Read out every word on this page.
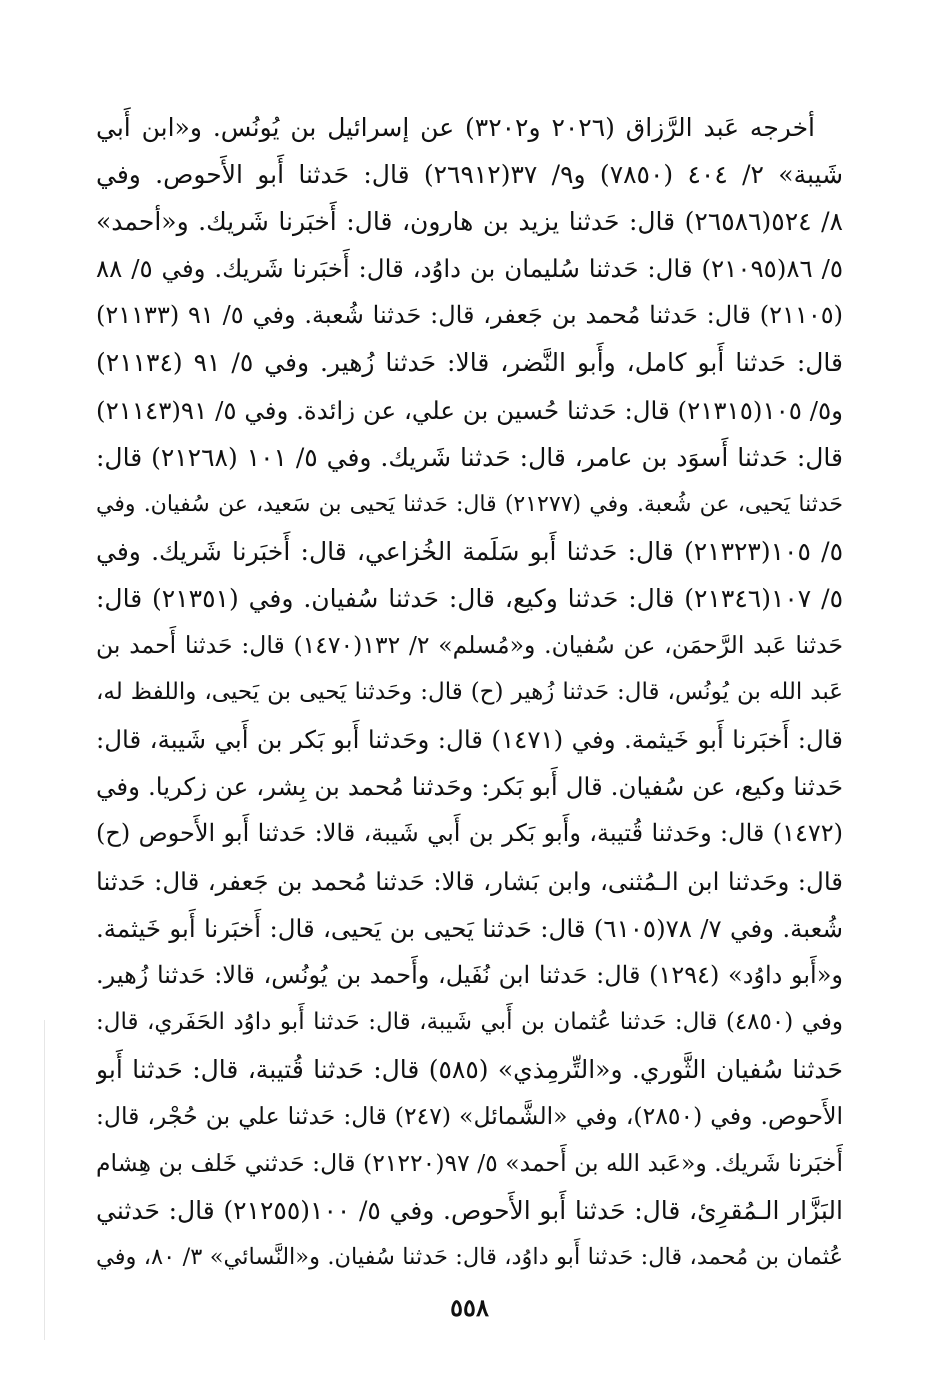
أخرجه عَبد الرَّزاق (٢٠٢٦ و٣٢٠٢) عن إسرائيل بن يُونُس. و«ابن أَبي
شَيبة» ٢/ ٤٠٤ (٧٨٥٠) و٩/ ٣٧(٢٦٩١٢) قال: حَدثنا أَبو الأَحوص. وفي
٨/ ٥٢٤(٢٦٥٨٦) قال: حَدثنا يزيد بن هارون، قال: أَخبَرنا شَريك. و«أحمد»
٥/ ٨٦(٢١٠٩٥) قال: حَدثنا سُليمان بن داوُد، قال: أَخبَرنا شَريك. وفي ٥/ ٨٨
(٢١١٠٥) قال: حَدثنا مُحمد بن جَعفر، قال: حَدثنا شُعبة. وفي ٥/ ٩١ (٢١١٣٣)
قال: حَدثنا أَبو كامل، وأَبو النَّضر، قالا: حَدثنا زُهير. وفي ٥/ ٩١ (٢١١٣٤)
و٥/ ١٠٥(٢١٣١٥) قال: حَدثنا حُسين بن علي، عن زائدة. وفي ٥/ ٩١(٢١١٤٣)
قال: حَدثنا أَسوَد بن عامر، قال: حَدثنا شَريك. وفي ٥/ ١٠١ (٢١٢٦٨) قال:
حَدثنا يَحيى، عن شُعبة. وفي (٢١٢٧٧) قال: حَدثنا يَحيى بن سَعيد، عن سُفيان. وفي
٥/ ١٠٥(٢١٣٢٣) قال: حَدثنا أَبو سَلَمة الخُزاعي، قال: أَخبَرنا شَريك. وفي
٥/ ١٠٧(٢١٣٤٦) قال: حَدثنا وكيع، قال: حَدثنا سُفيان. وفي (٢١٣٥١) قال:
حَدثنا عَبد الرَّحمَن، عن سُفيان. و«مُسلم» ٢/ ١٣٢(١٤٧٠) قال: حَدثنا أَحمد بن
عَبد الله بن يُونُس، قال: حَدثنا زُهير (ح) قال: وحَدثنا يَحيى بن يَحيى، واللفظ له،
قال: أَخبَرنا أَبو خَيثمة. وفي (١٤٧١) قال: وحَدثنا أَبو بَكر بن أَبي شَيبة، قال:
حَدثنا وكيع، عن سُفيان. قال أَبو بَكر: وحَدثنا مُحمد بن بِشر، عن زكريا. وفي
(١٤٧٢) قال: وحَدثنا قُتيبة، وأَبو بَكر بن أَبي شَيبة، قالا: حَدثنا أَبو الأَحوص (ح)
قال: وحَدثنا ابن الـمُثنى، وابن بَشار، قالا: حَدثنا مُحمد بن جَعفر، قال: حَدثنا
شُعبة. وفي ٧/ ٧٨(٦١٠٥) قال: حَدثنا يَحيى بن يَحيى، قال: أَخبَرنا أَبو خَيثمة.
و«أَبو داوُد» (١٢٩٤) قال: حَدثنا ابن نُفَيل، وأَحمد بن يُونُس، قالا: حَدثنا زُهير.
وفي (٤٨٥٠) قال: حَدثنا عُثمان بن أَبي شَيبة، قال: حَدثنا أَبو داوُد الحَفَري، قال:
حَدثنا سُفيان الثَّوري. و«التِّرمِذي» (٥٨٥) قال: حَدثنا قُتيبة، قال: حَدثنا أَبو
الأَحوص. وفي (٢٨٥٠)، وفي «الشَّمائل» (٢٤٧) قال: حَدثنا علي بن حُجْر، قال:
أَخبَرنا شَريك. و«عَبد الله بن أَحمد» ٥/ ٩٧(٢١٢٢٠) قال: حَدثني خَلف بن هِشام
البَزَّار الـمُقرِئ، قال: حَدثنا أَبو الأَحوص. وفي ٥/ ١٠٠(٢١٢٥٥) قال: حَدثني
عُثمان بن مُحمد، قال: حَدثنا أَبو داوُد، قال: حَدثنا سُفيان. و«النَّسائي» ٣/ ٨٠، وفي
٥٥٨
